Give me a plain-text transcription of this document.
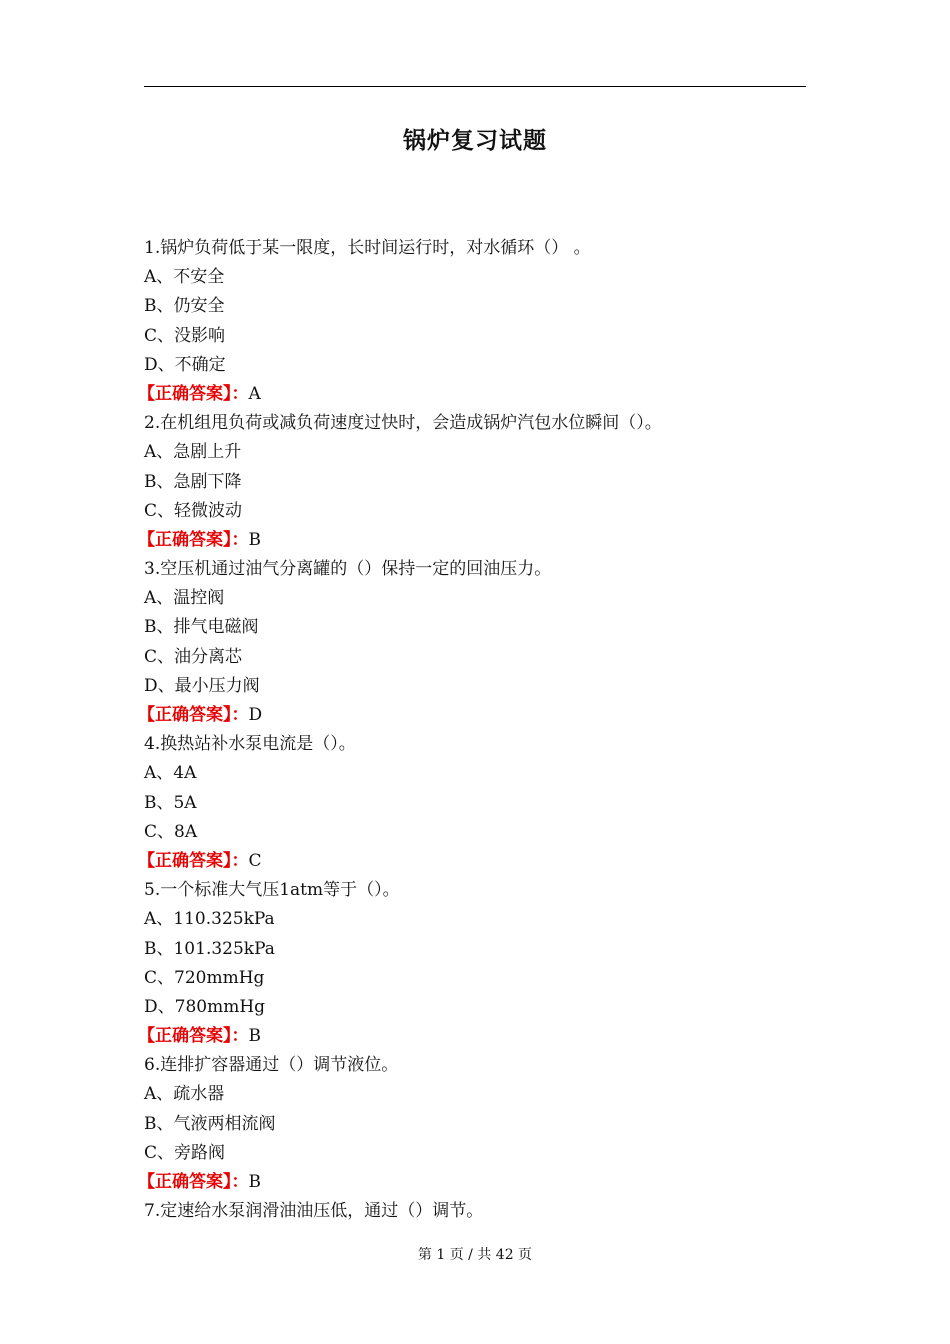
锅炉复习试题
1.锅炉负荷低于某一限度，长时间运行时，对水循环（） 。
A、不安全
B、仍安全
C、没影响
D、不确定
【正确答案】：A
2.在机组甩负荷或减负荷速度过快时，会造成锅炉汽包水位瞬间（）。
A、急剧上升
B、急剧下降
C、轻微波动
【正确答案】：B
3.空压机通过油气分离罐的（）保持一定的回油压力。
A、温控阀
B、排气电磁阀
C、油分离芯
D、最小压力阀
【正确答案】：D
4.换热站补水泵电流是（）。
A、4A
B、5A
C、8A
【正确答案】：C
5.一个标准大气压1atm等于（）。
A、110.325kPa
B、101.325kPa
C、720mmHg
D、780mmHg
【正确答案】：B
6.连排扩容器通过（）调节液位。
A、疏水器
B、气液两相流阀
C、旁路阀
【正确答案】：B
7.定速给水泵润滑油油压低，通过（）调节。
第 1 页 / 共 42 页
